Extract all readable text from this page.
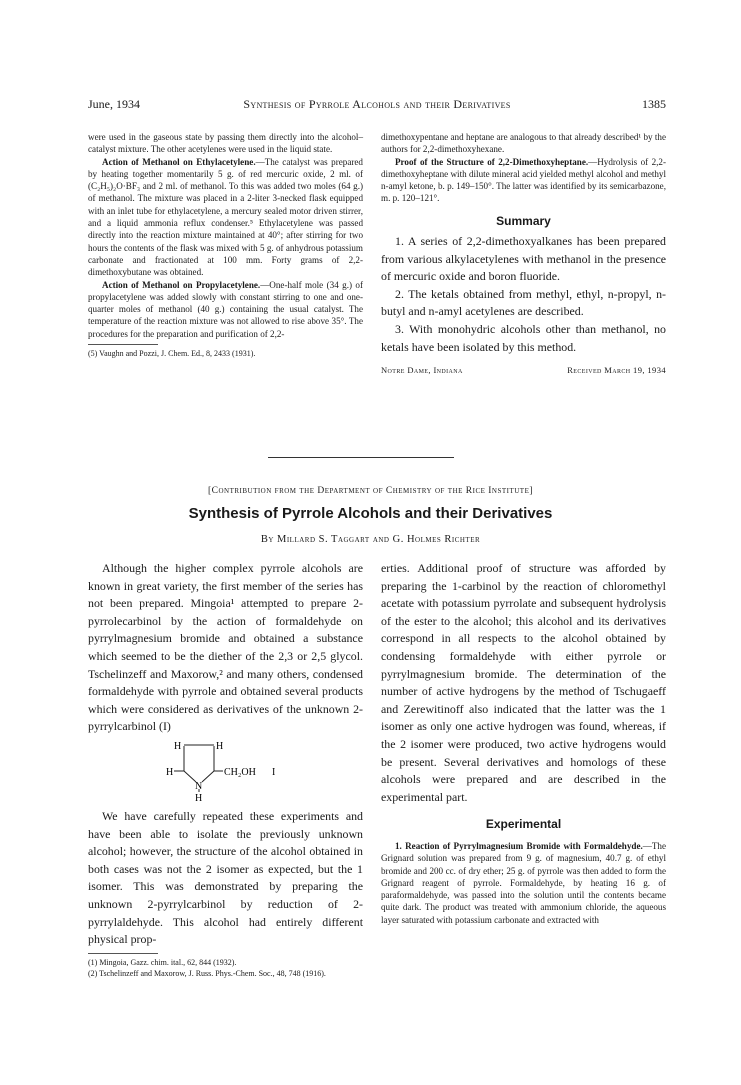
June, 1934	Synthesis of Pyrrole Alcohols and their Derivatives	1385

were used in the gaseous state by passing them directly into the alcohol–catalyst mixture. The other acetylenes were used in the liquid state.

Action of Methanol on Ethylacetylene.—The catalyst was prepared by heating together momentarily 5 g. of red mercuric oxide, 2 ml. of (C₂H₅)₂O·BF₃ and 2 ml. of methanol. To this was added two moles (64 g.) of methanol. The mixture was placed in a 2-liter 3-necked flask equipped with an inlet tube for ethylacetylene, a mercury sealed motor driven stirrer, and a liquid ammonia reflux condenser.⁵ Ethylacetylene was passed directly into the reaction mixture maintained at 40°; after stirring for two hours the contents of the flask was mixed with 5 g. of anhydrous potassium carbonate and fractionated at 100 mm. Forty grams of 2,2-dimethoxybutane was obtained.

Action of Methanol on Propylacetylene.—One-half mole (34 g.) of propylacetylene was added slowly with constant stirring to one and one-quarter moles of methanol (40 g.) containing the usual catalyst. The temperature of the reaction mixture was not allowed to rise above 35°. The procedures for the preparation and purification of 2,2-

(5) Vaughn and Pozzi, J. Chem. Ed., 8, 2433 (1931).

dimethoxypentane and heptane are analogous to that already described¹ by the authors for 2,2-dimethoxyhexane.

Proof of the Structure of 2,2-Dimethoxyheptane.—Hydrolysis of 2,2-dimethoxyheptane with dilute mineral acid yielded methyl alcohol and methyl n-amyl ketone, b. p. 149–150°. The latter was identified by its semicarbazone, m. p. 120–121°.

Summary

1. A series of 2,2-dimethoxyalkanes has been prepared from various alkylacetylenes with methanol in the presence of mercuric oxide and boron fluoride.

2. The ketals obtained from methyl, ethyl, n-propyl, n-butyl and n-amyl acetylenes are described.

3. With monohydric alcohols other than methanol, no ketals have been isolated by this method.

Notre Dame, Indiana	Received March 19, 1934
[Contribution from the Department of Chemistry of the Rice Institute]
Synthesis of Pyrrole Alcohols and their Derivatives
By Millard S. Taggart and G. Holmes Richter

Although the higher complex pyrrole alcohols are known in great variety, the first member of the series has not been prepared. Mingoia¹ attempted to prepare 2-pyrrolecarbinol by the action of formaldehyde on pyrrylmagnesium bromide and obtained a substance which seemed to be the diether of the 2,3 or 2,5 glycol. Tschelinzeff and Maxorow,² and many others, condensed formaldehyde with pyrrole and obtained several products which were considered as derivatives of the unknown 2-pyrrylcarbinol (I)

H	H
H
N
H
CH₂OH I

We have carefully repeated these experiments and have been able to isolate the previously unknown alcohol; however, the structure of the alcohol obtained in both cases was not the 2 isomer as expected, but the 1 isomer. This was demonstrated by preparing the unknown 2-pyrrylcarbinol by reduction of 2-pyrrylaldehyde. This alcohol had entirely different physical prop-

(1) Mingoia, Gazz. chim. ital., 62, 844 (1932).

(2) Tschelinzeff and Maxorow, J. Russ. Phys.-Chem. Soc., 48, 748 (1916).

erties. Additional proof of structure was afforded by preparing the 1-carbinol by the reaction of chloromethyl acetate with potassium pyrrolate and subsequent hydrolysis of the ester to the alcohol; this alcohol and its derivatives correspond in all respects to the alcohol obtained by condensing formaldehyde with either pyrrole or pyrrylmagnesium bromide. The determination of the number of active hydrogens by the method of Tschugaeff and Zerewitinoff also indicated that the latter was the 1 isomer as only one active hydrogen was found, whereas, if the 2 isomer were produced, two active hydrogens would be present. Several derivatives and homologs of these alcohols were prepared and are described in the experimental part.

Experimental

1. Reaction of Pyrrylmagnesium Bromide with Formaldehyde.—The Grignard solution was prepared from 9 g. of magnesium, 40.7 g. of ethyl bromide and 200 cc. of dry ether; 25 g. of pyrrole was then added to form the Grignard reagent of pyrrole. Formaldehyde, by heating 16 g. of paraformaldehyde, was passed into the solution until the contents became quite dark. The product was treated with ammonium chloride, the aqueous layer saturated with potassium carbonate and extracted with
